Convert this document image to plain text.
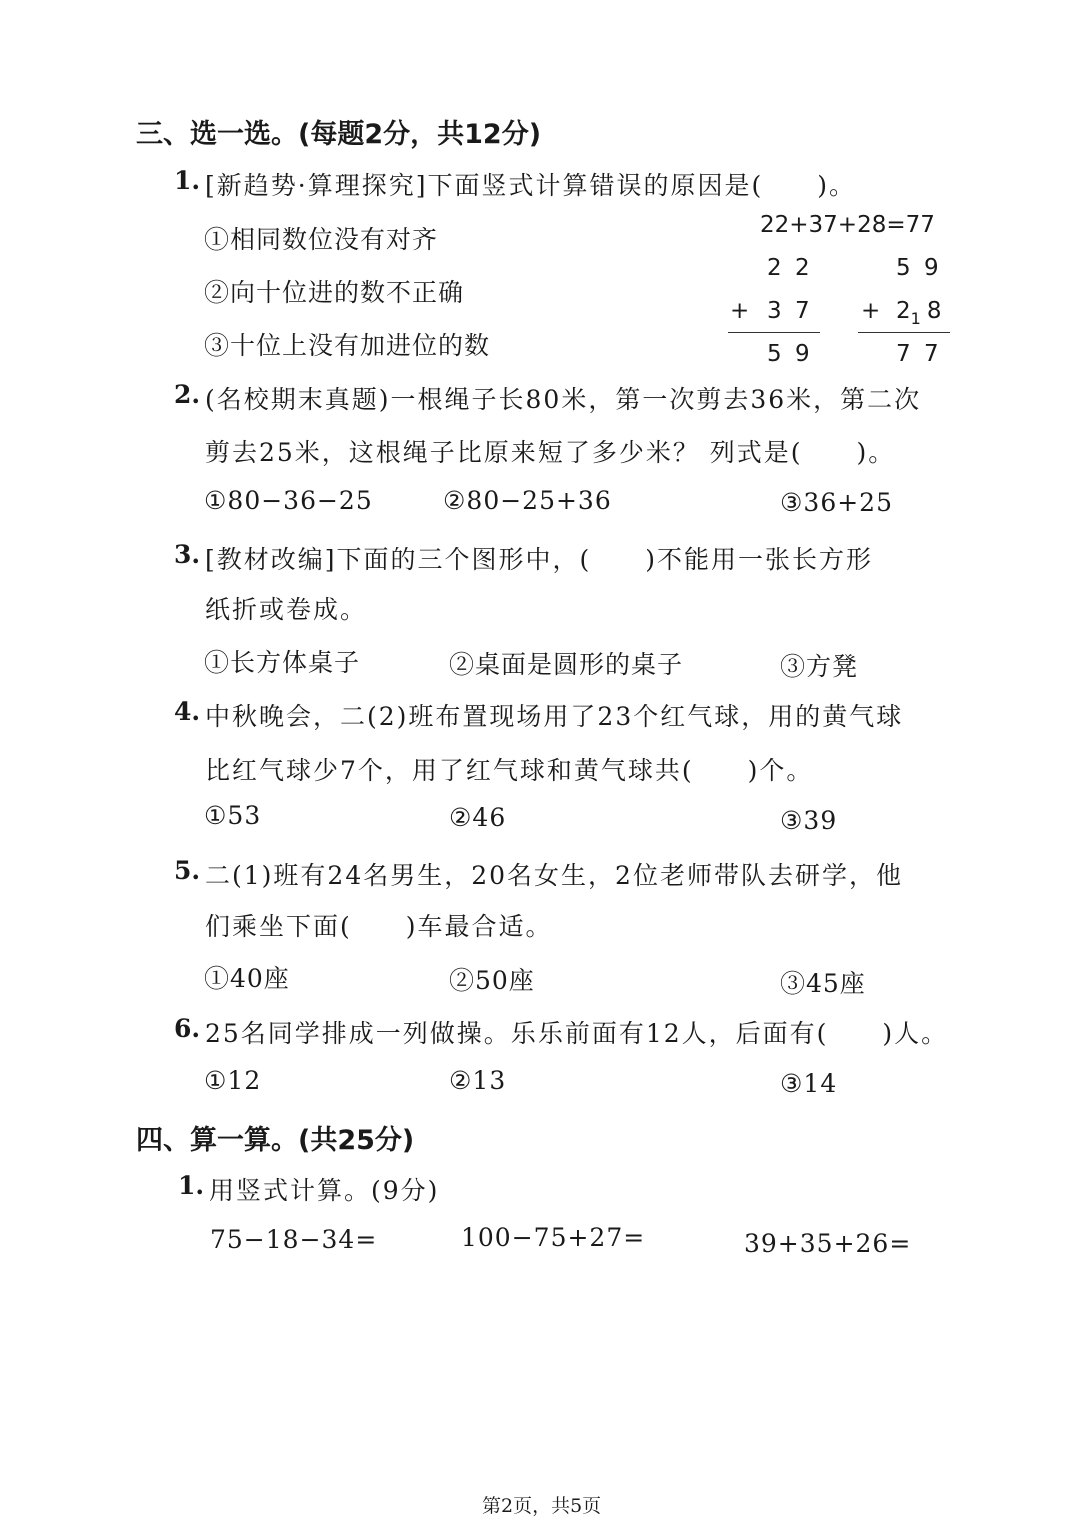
三、选一选。(每题2分，共12分)
1. [新趋势·算理探究]下面竖式计算错误的原因是(　　)。
①相同数位没有对齐
②向十位进的数不正确
③十位上没有加进位的数
22+37+28=77
2 2
+ 3 7
5 9
5 9
+ $2_1$ 8
7 7
2. (名校期末真题)一根绳子长80米，第一次剪去36米，第二次
剪去25米，这根绳子比原来短了多少米？ 列式是(　　)。
①80−36−25	②80−25+36	③36+25
3. [教材改编]下面的三个图形中，(　　)不能用一张长方形
纸折或卷成。
①长方体桌子	②桌面是圆形的桌子	③方凳
4. 中秋晚会，二(2)班布置现场用了23个红气球，用的黄气球
比红气球少7个，用了红气球和黄气球共(　　)个。
①53	②46	③39
5. 二(1)班有24名男生，20名女生，2位老师带队去研学，他
们乘坐下面(　　)车最合适。
①40座	②50座	③45座
6. 25名同学排成一列做操。乐乐前面有12人，后面有(　　)人。
①12	②13	③14
四、算一算。(共25分)
1. 用竖式计算。(9分)
75−18−34=	100−75+27=	39+35+26=
第2页，共5页
